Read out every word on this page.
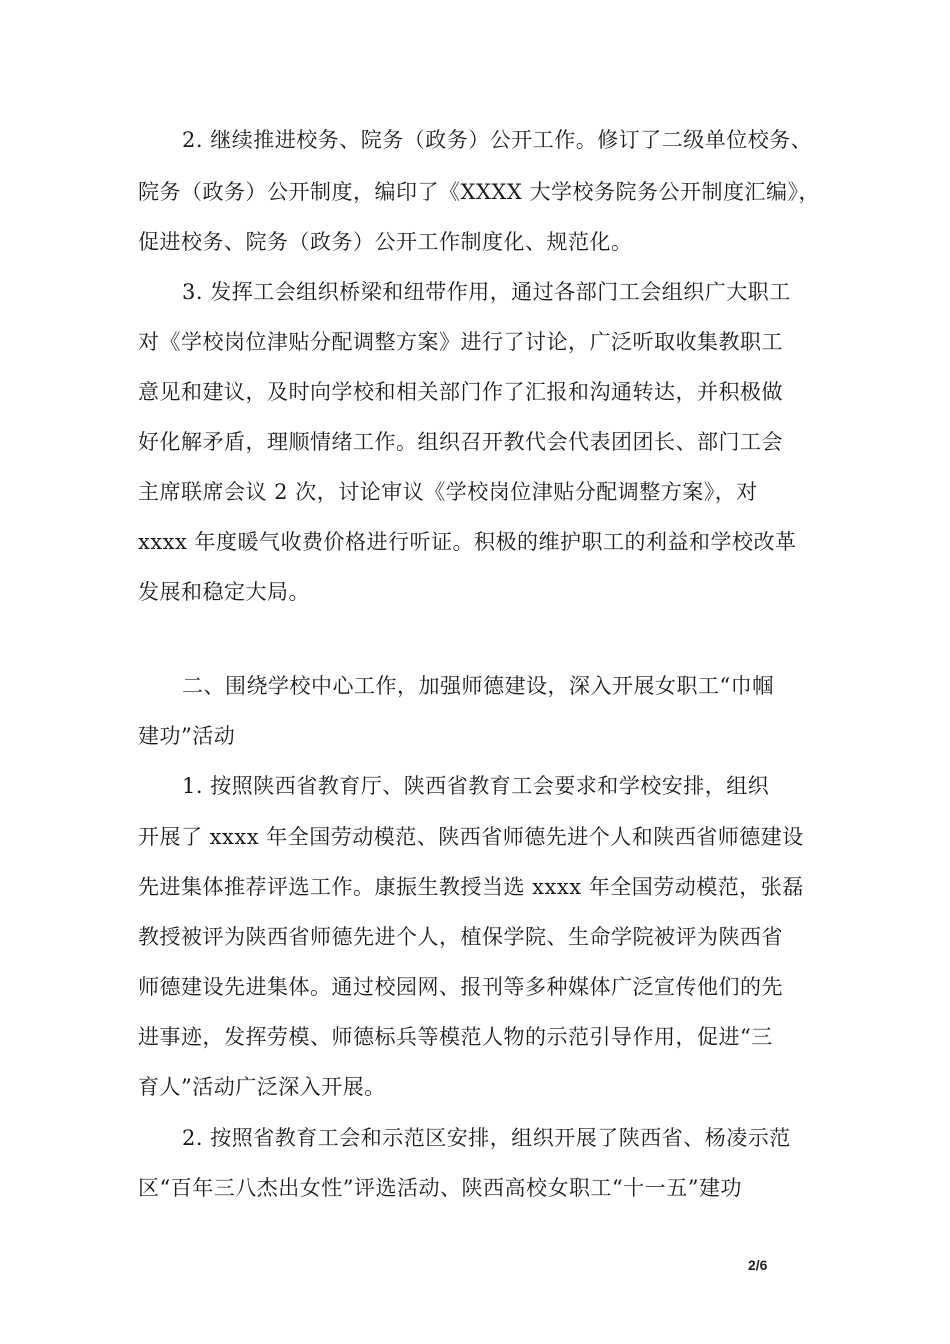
2. 继续推进校务、院务（政务）公开工作。修订了二级单位校务、
院务（政务）公开制度，编印了《XXXX 大学校务院务公开制度汇编》，
促进校务、院务（政务）公开工作制度化、规范化。
3. 发挥工会组织桥梁和纽带作用，通过各部门工会组织广大职工
对《学校岗位津贴分配调整方案》进行了讨论，广泛听取收集教职工
意见和建议，及时向学校和相关部门作了汇报和沟通转达，并积极做
好化解矛盾，理顺情绪工作。组织召开教代会代表团团长、部门工会
主席联席会议 2 次，讨论审议《学校岗位津贴分配调整方案》，对
xxxx 年度暖气收费价格进行听证。积极的维护职工的利益和学校改革
发展和稳定大局。
二、围绕学校中心工作，加强师德建设，深入开展女职工“巾帼
建功”活动
1. 按照陕西省教育厅、陕西省教育工会要求和学校安排，组织
开展了 xxxx 年全国劳动模范、陕西省师德先进个人和陕西省师德建设
先进集体推荐评选工作。康振生教授当选 xxxx 年全国劳动模范，张磊
教授被评为陕西省师德先进个人，植保学院、生命学院被评为陕西省
师德建设先进集体。通过校园网、报刊等多种媒体广泛宣传他们的先
进事迹，发挥劳模、师德标兵等模范人物的示范引导作用，促进“三
育人”活动广泛深入开展。
2. 按照省教育工会和示范区安排，组织开展了陕西省、杨凌示范
区“百年三八杰出女性”评选活动、陕西高校女职工“十一五”建功
2/6
